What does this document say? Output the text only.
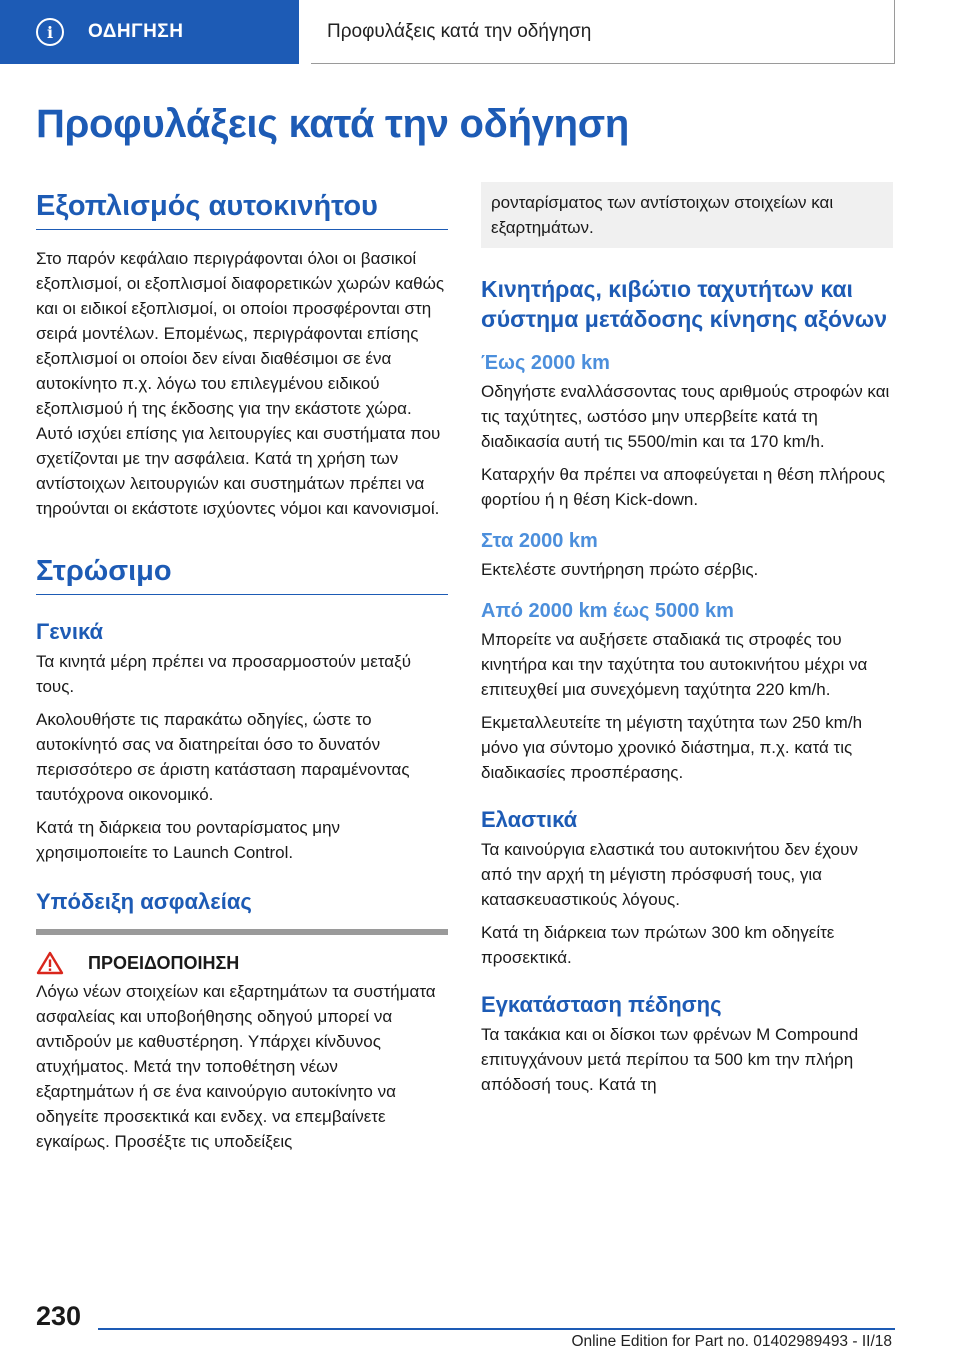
i	ΟΔΗΓΗΣΗ	Προφυλάξεις κατά την οδήγηση
Προφυλάξεις κατά την οδήγηση
Εξοπλισμός αυτοκινήτου

Στο παρόν κεφάλαιο περιγράφονται όλοι οι βασικοί εξοπλισμοί, οι εξοπλισμοί διαφορετικών χωρών καθώς και οι ειδικοί εξοπλισμοί, οι οποίοι προσφέρονται στη σειρά μοντέλων. Επομένως, περιγράφονται επίσης εξοπλισμοί οι οποίοι δεν είναι διαθέσιμοι σε ένα αυτοκίνητο π.χ. λόγω του επιλεγμένου ειδικού εξοπλισμού ή της έκδοσης για την εκάστοτε χώρα. Αυτό ισχύει επίσης για λειτουργίες και συστήματα που σχετίζονται με την ασφάλεια. Κατά τη χρήση των αντίστοιχων λειτουργιών και συστημάτων πρέπει να τηρούνται οι εκάστοτε ισχύοντες νόμοι και κανονισμοί.

Στρώσιμο
Γενικά

Τα κινητά μέρη πρέπει να προσαρμοστούν μεταξύ τους.

Ακολουθήστε τις παρακάτω οδηγίες, ώστε το αυτοκίνητό σας να διατηρείται όσο το δυνατόν περισσότερο σε άριστη κατάσταση παραμένοντας ταυτόχρονα οικονομικό.

Κατά τη διάρκεια του ρονταρίσματος μην χρησιμοποιείτε το Launch Control.

Υπόδειξη ασφαλείας
ΠΡΟΕΙΔΟΠΟΙΗΣΗ

Λόγω νέων στοιχείων και εξαρτημάτων τα συστήματα ασφαλείας και υποβοήθησης οδηγού μπορεί να αντιδρούν με καθυστέρηση. Υπάρχει κίνδυνος ατυχήματος. Μετά την τοποθέτηση νέων εξαρτημάτων ή σε ένα καινούργιο αυτοκίνητο να οδηγείτε προσεκτικά και ενδεχ. να επεμβαίνετε εγκαίρως. Προσέξτε τις υποδείξεις

ρονταρίσματος των αντίστοιχων στοιχείων και εξαρτημάτων.

Κινητήρας, κιβώτιο ταχυτήτων και σύστημα μετάδοσης κίνησης αξόνων
Έως 2000 km

Οδηγήστε εναλλάσσοντας τους αριθμούς στροφών και τις ταχύτητες, ωστόσο μην υπερβείτε κατά τη διαδικασία αυτή τις 5500/min και τα 170 km/h.

Καταρχήν θα πρέπει να αποφεύγεται η θέση πλήρους φορτίου ή η θέση Kick-down.

Στα 2000 km

Εκτελέστε συντήρηση πρώτο σέρβις.

Από 2000 km έως 5000 km

Μπορείτε να αυξήσετε σταδιακά τις στροφές του κινητήρα και την ταχύτητα του αυτοκινήτου μέχρι να επιτευχθεί μια συνεχόμενη ταχύτητα 220 km/h.

Εκμεταλλευτείτε τη μέγιστη ταχύτητα των 250 km/h μόνο για σύντομο χρονικό διάστημα, π.χ. κατά τις διαδικασίες προσπέρασης.

Ελαστικά

Τα καινούργια ελαστικά του αυτοκινήτου δεν έχουν από την αρχή τη μέγιστη πρόσφυσή τους, για κατασκευαστικούς λόγους.

Κατά τη διάρκεια των πρώτων 300 km οδηγείτε προσεκτικά.

Εγκατάσταση πέδησης

Τα τακάκια και οι δίσκοι των φρένων M Compound επιτυγχάνουν μετά περίπου τα 500 km την πλήρη απόδοσή τους. Κατά τη

230
Online Edition for Part no. 01402989493 - II/18
